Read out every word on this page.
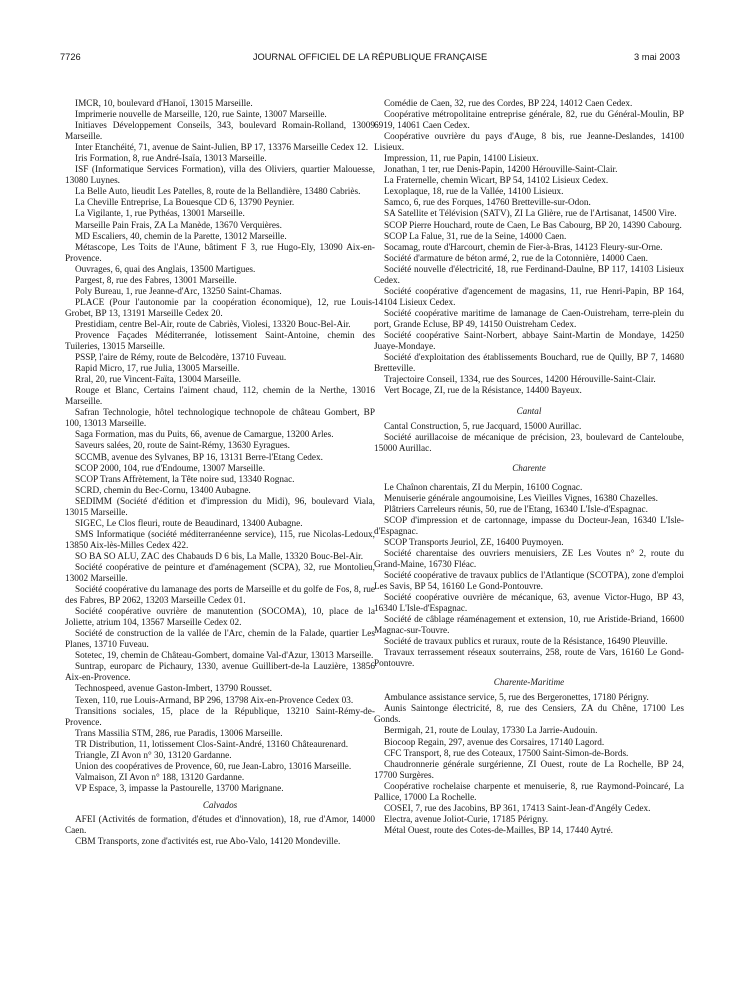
7726	JOURNAL OFFICIEL DE LA RÉPUBLIQUE FRANÇAISE	3 mai 2003

IMCR, 10, boulevard d'Hanoï, 13015 Marseille.

Imprimerie nouvelle de Marseille, 120, rue Sainte, 13007 Marseille.

Initiaves Développement Conseils, 343, boulevard Romain-Rolland, 13009 Marseille.

Inter Etanchéité, 71, avenue de Saint-Julien, BP 17, 13376 Marseille Cedex 12.

Iris Formation, 8, rue André-Isaïa, 13013 Marseille.

ISF (Informatique Services Formation), villa des Oliviers, quartier Malouesse, 13080 Luynes.

La Belle Auto, lieudit Les Patelles, 8, route de la Bellandière, 13480 Cabriès.

La Cheville Entreprise, La Bouesque CD 6, 13790 Peynier.

La Vigilante, 1, rue Pythéas, 13001 Marseille.

Marseille Pain Frais, ZA La Manède, 13670 Verquières.

MD Escaliers, 40, chemin de la Parette, 13012 Marseille.

Métascope, Les Toits de l'Aune, bâtiment F 3, rue Hugo-Ely, 13090 Aix-en-Provence.

Ouvrages, 6, quai des Anglais, 13500 Martigues.

Pargest, 8, rue des Fabres, 13001 Marseille.

Poly Bureau, 1, rue Jeanne-d'Arc, 13250 Saint-Chamas.

PLACE (Pour l'autonomie par la coopération économique), 12, rue Louis-Grobet, BP 13, 13191 Marseille Cedex 20.

Prestidiam, centre Bel-Air, route de Cabriès, Violesi, 13320 Bouc-Bel-Air.

Provence Façades Méditerranée, lotissement Saint-Antoine, chemin des Tuileries, 13015 Marseille.

PSSP, l'aire de Rémy, route de Belcodère, 13710 Fuveau.

Rapid Micro, 17, rue Julia, 13005 Marseille.

Rral, 20, rue Vincent-Faïta, 13004 Marseille.

Rouge et Blanc, Certains l'aiment chaud, 112, chemin de la Nerthe, 13016 Marseille.

Safran Technologie, hôtel technologique technopole de château Gombert, BP 100, 13013 Marseille.

Saga Formation, mas du Puits, 66, avenue de Camargue, 13200 Arles.

Saveurs salées, 20, route de Saint-Rémy, 13630 Eyragues.

SCCMB, avenue des Sylvanes, BP 16, 13131 Berre-l'Etang Cedex.

SCOP 2000, 104, rue d'Endoume, 13007 Marseille.

SCOP Trans Affrètement, la Tête noire sud, 13340 Rognac.

SCRD, chemin du Bec-Cornu, 13400 Aubagne.

SEDIMM (Société d'édition et d'impression du Midi), 96, boulevard Viala, 13015 Marseille.

SIGEC, Le Clos fleuri, route de Beaudinard, 13400 Aubagne.

SMS Informatique (société méditerranéenne service), 115, rue Nicolas-Ledoux, 13850 Aix-lès-Milles Cedex 422.

SO BA SO ALU, ZAC des Chabauds D 6 bis, La Malle, 13320 Bouc-Bel-Air.

Société coopérative de peinture et d'aménagement (SCPA), 32, rue Montolieu, 13002 Marseille.

Société coopérative du lamanage des ports de Marseille et du golfe de Fos, 8, rue des Fabres, BP 2062, 13203 Marseille Cedex 01.

Société coopérative ouvrière de manutention (SOCOMA), 10, place de la Joliette, atrium 104, 13567 Marseille Cedex 02.

Société de construction de la vallée de l'Arc, chemin de la Falade, quartier Les Planes, 13710 Fuveau.

Sotetec, 19, chemin de Château-Gombert, domaine Val-d'Azur, 13013 Marseille.

Suntrap, europarc de Pichaury, 1330, avenue Guillibert-de-la Lauzière, 13856 Aix-en-Provence.

Technospeed, avenue Gaston-Imbert, 13790 Rousset.

Texen, 110, rue Louis-Armand, BP 296, 13798 Aix-en-Provence Cedex 03.

Transitions sociales, 15, place de la République, 13210 Saint-Rémy-de-Provence.

Trans Massilia STM, 286, rue Paradis, 13006 Marseille.

TR Distribution, 11, lotissement Clos-Saint-André, 13160 Châteaurenard.

Triangle, ZI Avon n° 30, 13120 Gardanne.

Union des coopératives de Provence, 60, rue Jean-Labro, 13016 Marseille.

Valmaison, ZI Avon n° 188, 13120 Gardanne.

VP Espace, 3, impasse la Pastourelle, 13700 Marignane.

Calvados

AFEI (Activités de formation, d'études et d'innovation), 18, rue d'Amor, 14000 Caen.

CBM Transports, zone d'activités est, rue Abo-Valo, 14120 Mondeville.

Comédie de Caen, 32, rue des Cordes, BP 224, 14012 Caen Cedex.

Coopérative métropolitaine entreprise générale, 82, rue du Général-Moulin, BP 6919, 14061 Caen Cedex.

Coopérative ouvrière du pays d'Auge, 8 bis, rue Jeanne-Deslandes, 14100 Lisieux.

Impression, 11, rue Papin, 14100 Lisieux.

Jonathan, 1 ter, rue Denis-Papin, 14200 Hérouville-Saint-Clair.

La Fraternelle, chemin Wicart, BP 54, 14102 Lisieux Cedex.

Lexoplaque, 18, rue de la Vallée, 14100 Lisieux.

Samco, 6, rue des Forques, 14760 Bretteville-sur-Odon.

SA Satellite et Télévision (SATV), ZI La Glière, rue de l'Artisanat, 14500 Vire.

SCOP Pierre Houchard, route de Caen, Le Bas Cabourg, BP 20, 14390 Cabourg.

SCOP La Falue, 31, rue de la Seine, 14000 Caen.

Socamag, route d'Harcourt, chemin de Fier-à-Bras, 14123 Fleury-sur-Orne.

Société d'armature de béton armé, 2, rue de la Cotonnière, 14000 Caen.

Société nouvelle d'électricité, 18, rue Ferdinand-Daulne, BP 117, 14103 Lisieux Cedex.

Société coopérative d'agencement de magasins, 11, rue Henri-Papin, BP 164, 14104 Lisieux Cedex.

Société coopérative maritime de lamanage de Caen-Ouistreham, terre-plein du port, Grande Ecluse, BP 49, 14150 Ouistreham Cedex.

Société coopérative Saint-Norbert, abbaye Saint-Martin de Mondaye, 14250 Juaye-Mondaye.

Société d'exploitation des établissements Bouchard, rue de Quilly, BP 7, 14680 Bretteville.

Trajectoire Conseil, 1334, rue des Sources, 14200 Hérouville-Saint-Clair.

Vert Bocage, ZI, rue de la Résistance, 14400 Bayeux.

Cantal

Cantal Construction, 5, rue Jacquard, 15000 Aurillac.

Société aurillacoise de mécanique de précision, 23, boulevard de Canteloube, 15000 Aurillac.

Charente

Le Chaînon charentais, ZI du Merpin, 16100 Cognac.

Menuiserie générale angoumoisine, Les Vieilles Vignes, 16380 Chazelles.

Plâtriers Carreleurs réunis, 50, rue de l'Etang, 16340 L'Isle-d'Espagnac.

SCOP d'impression et de cartonnage, impasse du Docteur-Jean, 16340 L'Isle-d'Espagnac.

SCOP Transports Jeuriol, ZE, 16400 Puymoyen.

Société charentaise des ouvriers menuisiers, ZE Les Voutes n° 2, route du Grand-Maine, 16730 Fléac.

Société coopérative de travaux publics de l'Atlantique (SCOTPA), zone d'emploi Les Savis, BP 54, 16160 Le Gond-Pontouvre.

Société coopérative ouvrière de mécanique, 63, avenue Victor-Hugo, BP 43, 16340 L'Isle-d'Espagnac.

Société de câblage réaménagement et extension, 10, rue Aristide-Briand, 16600 Magnac-sur-Touvre.

Société de travaux publics et ruraux, route de la Résistance, 16490 Pleuville.

Travaux terrassement réseaux souterrains, 258, route de Vars, 16160 Le Gond-Pontouvre.

Charente-Maritime

Ambulance assistance service, 5, rue des Bergeronettes, 17180 Périgny.

Aunis Saintonge électricité, 8, rue des Censiers, ZA du Chêne, 17100 Les Gonds.

Bermigah, 21, route de Loulay, 17330 La Jarrie-Audouin.

Biocoop Regain, 297, avenue des Corsaires, 17140 Lagord.

CFC Transport, 8, rue des Coteaux, 17500 Saint-Simon-de-Bords.

Chaudronnerie générale surgérienne, ZI Ouest, route de La Rochelle, BP 24, 17700 Surgères.

Coopérative rochelaise charpente et menuiserie, 8, rue Raymond-Poincaré, La Pallice, 17000 La Rochelle.

COSEI, 7, rue des Jacobins, BP 361, 17413 Saint-Jean-d'Angély Cedex.

Electra, avenue Joliot-Curie, 17185 Périgny.

Métal Ouest, route des Cotes-de-Mailles, BP 14, 17440 Aytré.
